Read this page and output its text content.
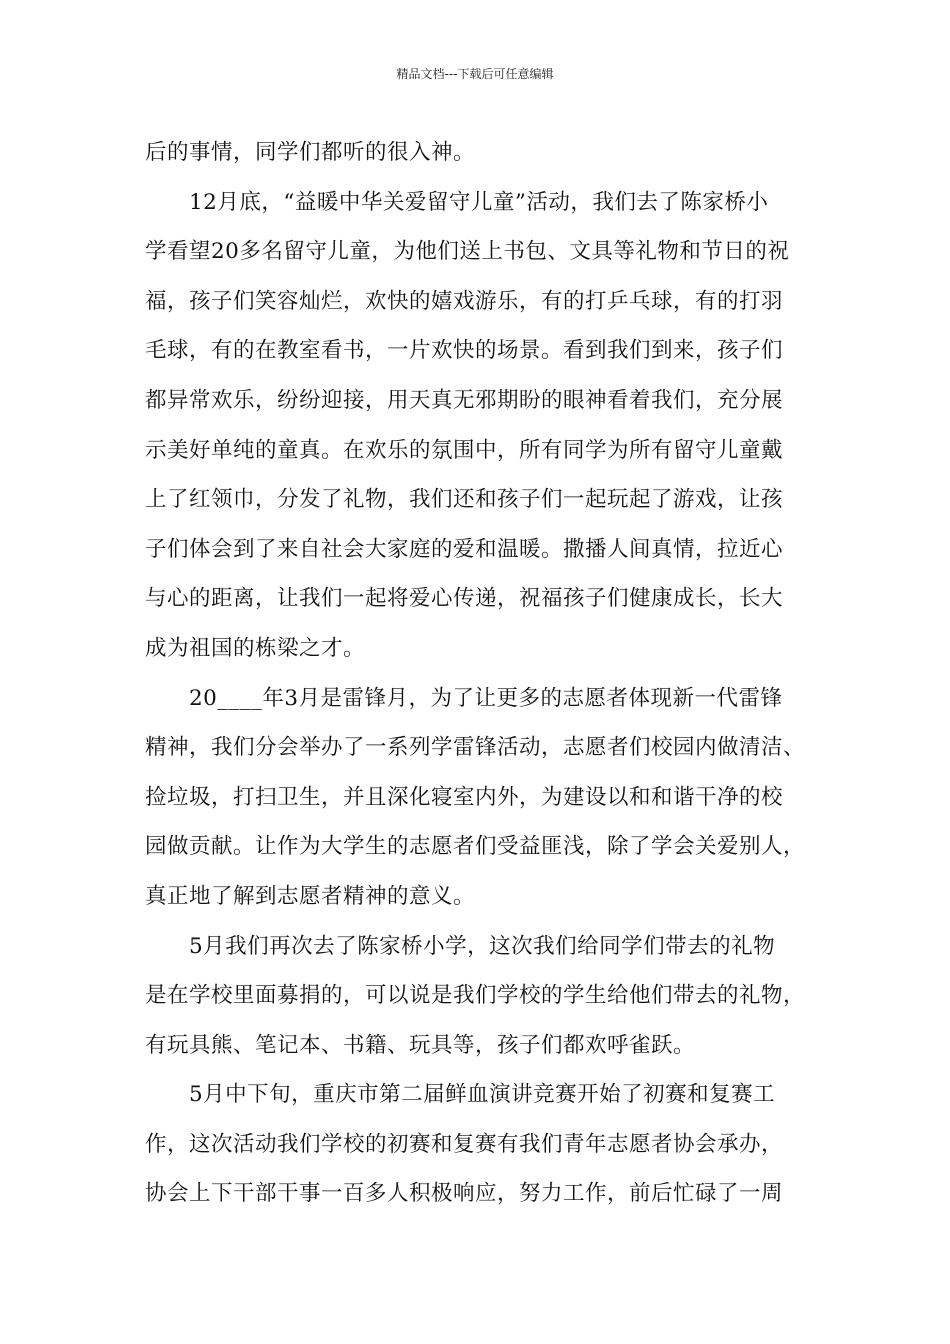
精品文档---下载后可任意编辑
后的事情，同学们都听的很入神。
12月底，“益暖中华关爱留守儿童”活动，我们去了陈家桥小
学看望20多名留守儿童，为他们送上书包、文具等礼物和节日的祝
福，孩子们笑容灿烂，欢快的嬉戏游乐，有的打乒乓球，有的打羽
毛球，有的在教室看书，一片欢快的场景。看到我们到来，孩子们
都异常欢乐，纷纷迎接，用天真无邪期盼的眼神看着我们，充分展
示美好单纯的童真。在欢乐的氛围中，所有同学为所有留守儿童戴
上了红领巾，分发了礼物，我们还和孩子们一起玩起了游戏，让孩
子们体会到了来自社会大家庭的爱和温暖。撒播人间真情，拉近心
与心的距离，让我们一起将爱心传递，祝福孩子们健康成长，长大
成为祖国的栋梁之才。
20____年3月是雷锋月，为了让更多的志愿者体现新一代雷锋
精神，我们分会举办了一系列学雷锋活动，志愿者们校园内做清洁、
捡垃圾，打扫卫生，并且深化寝室内外，为建设以和和谐干净的校
园做贡献。让作为大学生的志愿者们受益匪浅，除了学会关爱别人，
真正地了解到志愿者精神的意义。
5月我们再次去了陈家桥小学，这次我们给同学们带去的礼物
是在学校里面募捐的，可以说是我们学校的学生给他们带去的礼物，
有玩具熊、笔记本、书籍、玩具等，孩子们都欢呼雀跃。
5月中下旬，重庆市第二届鲜血演讲竞赛开始了初赛和复赛工
作，这次活动我们学校的初赛和复赛有我们青年志愿者协会承办，
协会上下干部干事一百多人积极响应，努力工作，前后忙碌了一周
